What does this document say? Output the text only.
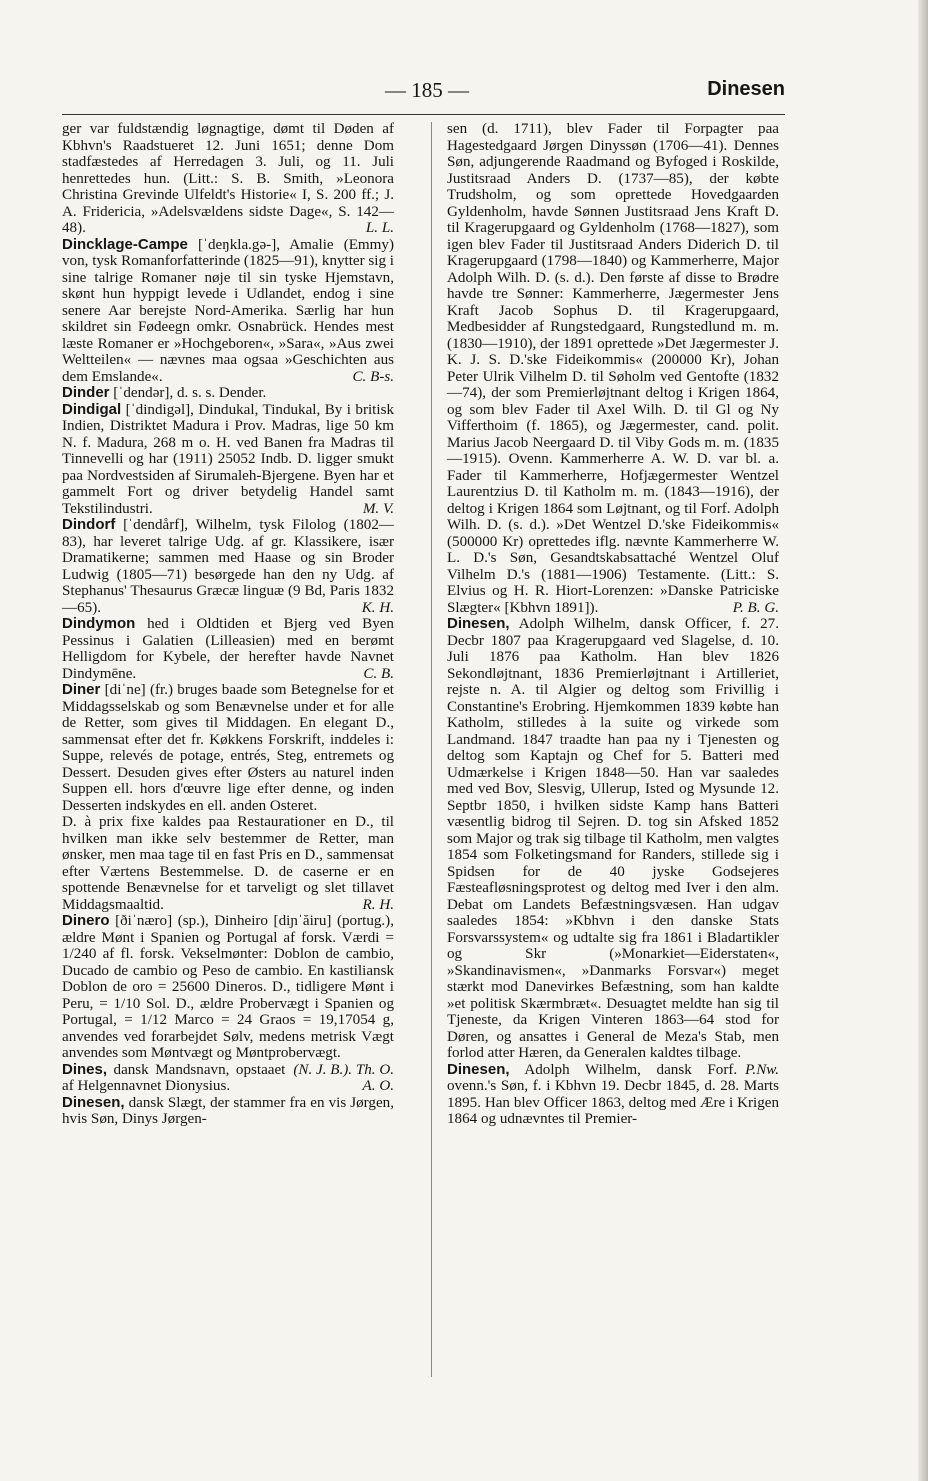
— 185 —	Dinesen

ger var fuldstændig løgnagtige, dømt til Døden af Kbhvn's Raadstueret 12. Juni 1651; denne Dom stadfæstedes af Herredagen 3. Juli, og 11. Juli henrettedes hun. (Litt.: S. B. Smith, »Leonora Christina Grevinde Ulfeldt's Historie« I, S. 200 ff.; J. A. Fridericia, »Adelsvældens sidste Dage«, S. 142—48).	L. L.

Dincklage-Campe [ˈdeŋkla.gə-], Amalie (Emmy) von, tysk Romanforfatterinde (1825—91), knytter sig i sine talrige Romaner nøje til sin tyske Hjemstavn, skønt hun hyppigt levede i Udlandet, endog i sine senere Aar berejste Nord-Amerika. Særlig har hun skildret sin Fødeegn omkr. Osnabrück. Hendes mest læste Romaner er »Hochgeboren«, »Sara«, »Aus zwei Weltteilen« — nævnes maa ogsaa »Geschichten aus dem Emslande«.	C. B-s.

Dinder [ˈdendər], d. s. s. Dender.

Dindigal [ˈdindigəl], Dindukal, Tindukal, By i britisk Indien, Distriktet Madura i Prov. Madras, lige 50 km N. f. Madura, 268 m o. H. ved Banen fra Madras til Tinnevelli og har (1911) 25052 Indb. D. ligger smukt paa Nordvestsiden af Sirumaleh-Bjergene. Byen har et gammelt Fort og driver betydelig Handel samt Tekstilindustri.	M. V.

Dindorf [ˈdendårf], Wilhelm, tysk Filolog (1802—83), har leveret talrige Udg. af gr. Klassikere, især Dramatikerne; sammen med Haase og sin Broder Ludwig (1805—71) besørgede han den ny Udg. af Stephanus' Thesaurus Græcæ linguæ (9 Bd, Paris 1832—65).	K. H.

Dindymon hed i Oldtiden et Bjerg ved Byen Pessinus i Galatien (Lilleasien) med en berømt Helligdom for Kybele, der herefter havde Navnet Dindymēne.	C. B.

Diner [diˈne] (fr.) bruges baade som Betegnelse for et Middagsselskab og som Benævnelse under et for alle de Retter, som gives til Middagen. En elegant D., sammensat efter det fr. Køkkens Forskrift, inddeles i: Suppe, relevés de potage, entrés, Steg, entremets og Dessert. Desuden gives efter Østers au naturel inden Suppen ell. hors d'œuvre lige efter denne, og inden Desserten indskydes en ell. anden Osteret.

D. à prix fixe kaldes paa Restaurationer en D., til hvilken man ikke selv bestemmer de Retter, man ønsker, men maa tage til en fast Pris en D., sammensat efter Værtens Bestemmelse. D. de caserne er en spottende Benævnelse for et tarveligt og slet tillavet Middagsmaaltid.	R. H.

Dinero [ðiˈnæro] (sp.), Dinheiro [diɲˈăiru] (portug.), ældre Mønt i Spanien og Portugal af forsk. Værdi = 1/240 af fl. forsk. Vekselmønter: Doblon de cambio, Ducado de cambio og Peso de cambio. En kastiliansk Doblon de oro = 25600 Dineros. D., tidligere Mønt i Peru, = 1/10 Sol. D., ældre Probervægt i Spanien og Portugal, = 1/12 Marco = 24 Graos = 19,17054 g, anvendes ved forarbejdet Sølv, medens metrisk Vægt anvendes som Møntvægt og Møntprobervægt.
(N. J. B.). Th. O.

Dines, dansk Mandsnavn, opstaaet af Helgennavnet Dionysius.	A. O.

Dinesen, dansk Slægt, der stammer fra en vis Jørgen, hvis Søn, Dinys Jørgen-

sen (d. 1711), blev Fader til Forpagter paa Hagestedgaard Jørgen Dinyssøn (1706—41). Dennes Søn, adjungerende Raadmand og Byfoged i Roskilde, Justitsraad Anders D. (1737—85), der købte Trudsholm, og som oprettede Hovedgaarden Gyldenholm, havde Sønnen Justitsraad Jens Kraft D. til Kragerupgaard og Gyldenholm (1768—1827), som igen blev Fader til Justitsraad Anders Diderich D. til Kragerupgaard (1798—1840) og Kammerherre, Major Adolph Wilh. D. (s. d.). Den første af disse to Brødre havde tre Sønner: Kammerherre, Jægermester Jens Kraft Jacob Sophus D. til Kragerupgaard, Medbesidder af Rungstedgaard, Rungstedlund m. m. (1830—1910), der 1891 oprettede »Det Jægermester J. K. J. S. D.'ske Fideikommis« (200000 Kr), Johan Peter Ulrik Vilhelm D. til Søholm ved Gentofte (1832—74), der som Premierløjtnant deltog i Krigen 1864, og som blev Fader til Axel Wilh. D. til Gl og Ny Vifferthoim (f. 1865), og Jægermester, cand. polit. Marius Jacob Neergaard D. til Viby Gods m. m. (1835—1915). Ovenn. Kammerherre A. W. D. var bl. a. Fader til Kammerherre, Hofjægermester Wentzel Laurentzius D. til Katholm m. m. (1843—1916), der deltog i Krigen 1864 som Løjtnant, og til Forf. Adolph Wilh. D. (s. d.). »Det Wentzel D.'ske Fideikommis« (500000 Kr) oprettedes iflg. nævnte Kammerherre W. L. D.'s Søn, Gesandtskabsattaché Wentzel Oluf Vilhelm D.'s (1881—1906) Testamente. (Litt.: S. Elvius og H. R. Hiort-Lorenzen: »Danske Patriciske Slægter« [Kbhvn 1891]).	P. B. G.

Dinesen, Adolph Wilhelm, dansk Officer, f. 27. Decbr 1807 paa Kragerupgaard ved Slagelse, d. 10. Juli 1876 paa Katholm. Han blev 1826 Sekondløjtnant, 1836 Premierløjtnant i Artilleriet, rejste n. A. til Algier og deltog som Frivillig i Constantine's Erobring. Hjemkommen 1839 købte han Katholm, stilledes à la suite og virkede som Landmand. 1847 traadte han paa ny i Tjenesten og deltog som Kaptajn og Chef for 5. Batteri med Udmærkelse i Krigen 1848—50. Han var saaledes med ved Bov, Slesvig, Ullerup, Isted og Mysunde 12. Septbr 1850, i hvilken sidste Kamp hans Batteri væsentlig bidrog til Sejren. D. tog sin Afsked 1852 som Major og trak sig tilbage til Katholm, men valgtes 1854 som Folketingsmand for Randers, stillede sig i Spidsen for de 40 jyske Godsejeres Fæsteafløsningsprotest og deltog med Iver i den alm. Debat om Landets Befæstningsvæsen. Han udgav saaledes 1854: »Kbhvn i den danske Stats Forsvarssystem« og udtalte sig fra 1861 i Bladartikler og Skr (»Monarkiet—Eiderstaten«, »Skandinavismen«, »Danmarks Forsvar«) meget stærkt mod Danevirkes Befæstning, som han kaldte »et politisk Skærmbræt«. Desuagtet meldte han sig til Tjeneste, da Krigen Vinteren 1863—64 stod for Døren, og ansattes i General de Meza's Stab, men forlod atter Hæren, da Generalen kaldtes tilbage.
P.Nw.

Dinesen, Adolph Wilhelm, dansk Forf. ovenn.'s Søn, f. i Kbhvn 19. Decbr 1845, d. 28. Marts 1895. Han blev Officer 1863, deltog med Ære i Krigen 1864 og udnævntes til Premier-
